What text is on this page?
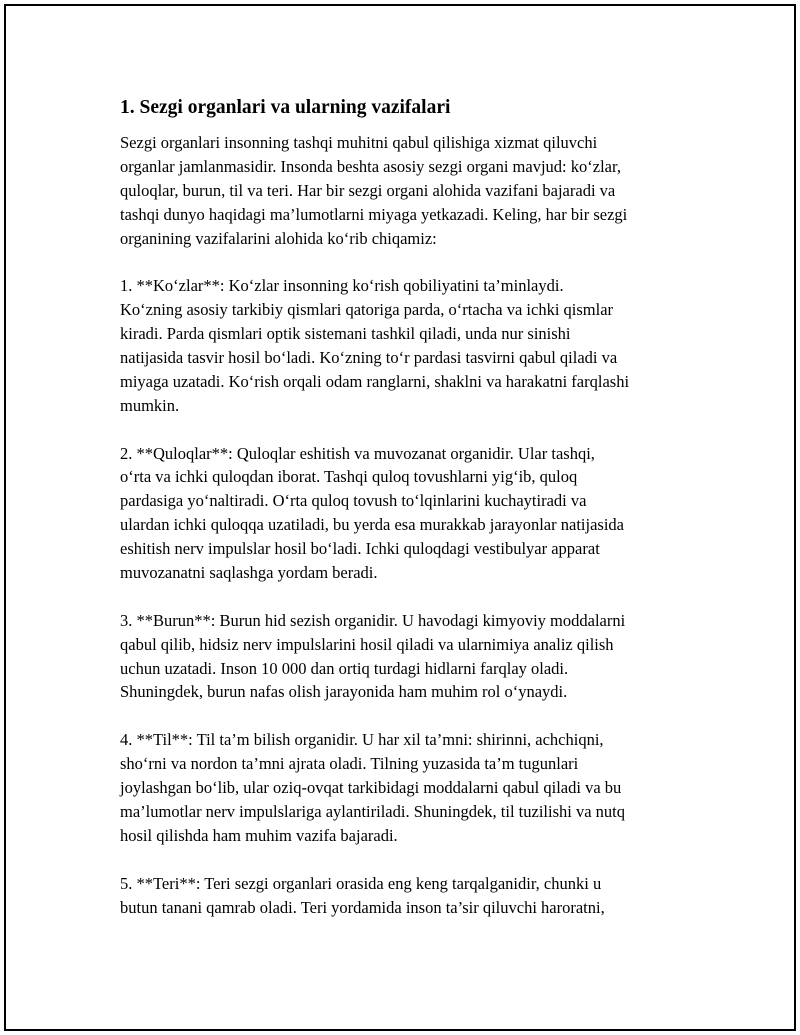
1. Sezgi organlari va ularning vazifalari
Sezgi organlari insonning tashqi muhitni qabul qilishiga xizmat qiluvchi
organlar jamlanmasidir. Insonda beshta asosiy sezgi organi mavjud: ko‘zlar,
quloqlar, burun, til va teri. Har bir sezgi organi alohida vazifani bajaradi va
tashqi dunyo haqidagi ma’lumotlarni miyaga yetkazadi. Keling, har bir sezgi
organining vazifalarini alohida ko‘rib chiqamiz:
1. **Ko‘zlar**: Ko‘zlar insonning ko‘rish qobiliyatini ta’minlaydi.
Ko‘zning asosiy tarkibiy qismlari qatoriga parda, o‘rtacha va ichki qismlar
kiradi. Parda qismlari optik sistemani tashkil qiladi, unda nur sinishi
natijasida tasvir hosil bo‘ladi. Ko‘zning to‘r pardasi tasvirni qabul qiladi va
miyaga uzatadi. Ko‘rish orqali odam ranglarni, shaklni va harakatni farqlashi
mumkin.
2. **Quloqlar**: Quloqlar eshitish va muvozanat organidir. Ular tashqi,
o‘rta va ichki quloqdan iborat. Tashqi quloq tovushlarni yig‘ib, quloq
pardasiga yo‘naltiradi. O‘rta quloq tovush to‘lqinlarini kuchaytiradi va
ulardan ichki quloqqa uzatiladi, bu yerda esa murakkab jarayonlar natijasida
eshitish nerv impulslar hosil bo‘ladi. Ichki quloqdagi vestibulyar apparat
muvozanatni saqlashga yordam beradi.
3. **Burun**: Burun hid sezish organidir. U havodagi kimyoviy moddalarni
qabul qilib, hidsiz nerv impulslarini hosil qiladi va ularnimiya analiz qilish
uchun uzatadi. Inson 10 000 dan ortiq turdagi hidlarni farqlay oladi.
Shuningdek, burun nafas olish jarayonida ham muhim rol o‘ynaydi.
4. **Til**: Til ta’m bilish organidir. U har xil ta’mni: shirinni, achchiqni,
sho‘rni va nordon ta’mni ajrata oladi. Tilning yuzasida ta’m tugunlari
joylashgan bo‘lib, ular oziq-ovqat tarkibidagi moddalarni qabul qiladi va bu
ma’lumotlar nerv impulslariga aylantiriladi. Shuningdek, til tuzilishi va nutq
hosil qilishda ham muhim vazifa bajaradi.
5. **Teri**: Teri sezgi organlari orasida eng keng tarqalganidir, chunki u
butun tanani qamrab oladi. Teri yordamida inson ta’sir qiluvchi haroratni,
